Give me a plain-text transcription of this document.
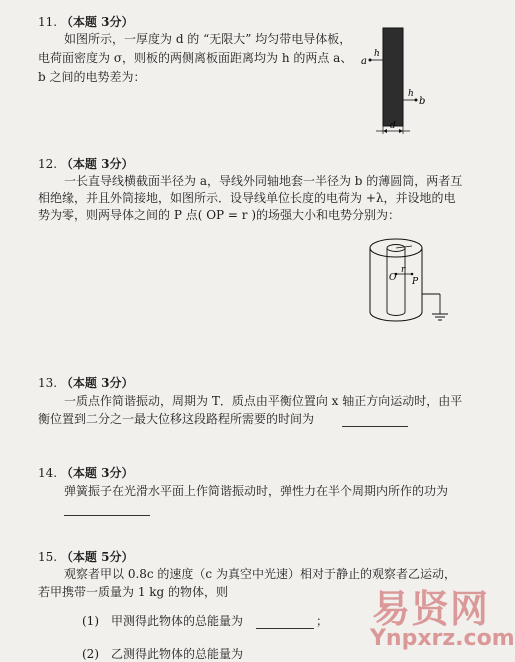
11. （本题 3分）
如图所示，一厚度为 d 的 “无限大” 均匀带电导体板，
电荷面密度为 σ，则板的两侧离板面距离均为 h 的两点 a、
b 之间的电势差为：
a
h
h
b
d
12. （本题 3分）
一长直导线横截面半径为 a，导线外同轴地套一半径为 b 的薄圆筒，两者互
相绝缘，并且外筒接地，如图所示．设导线单位长度的电荷为 +λ，并设地的电
势为零，则两导体之间的 P 点( OP = r )的场强大小和电势分别为：
O
r
P
13. （本题 3分）
一质点作简谐振动，周期为 T．质点由平衡位置向 x 轴正方向运动时，由平
衡位置到二分之一最大位移这段路程所需要的时间为
14. （本题 3分）
弹簧振子在光滑水平面上作简谐振动时，弹性力在半个周期内所作的功为
15. （本题 5分）
观察者甲以 0.8c 的速度（c 为真空中光速）相对于静止的观察者乙运动，
若甲携带一质量为 1 kg 的物体，则
(1)　甲测得此物体的总能量为	；
(2)　乙测得此物体的总能量为
易贤网
Ynpxrz.com
